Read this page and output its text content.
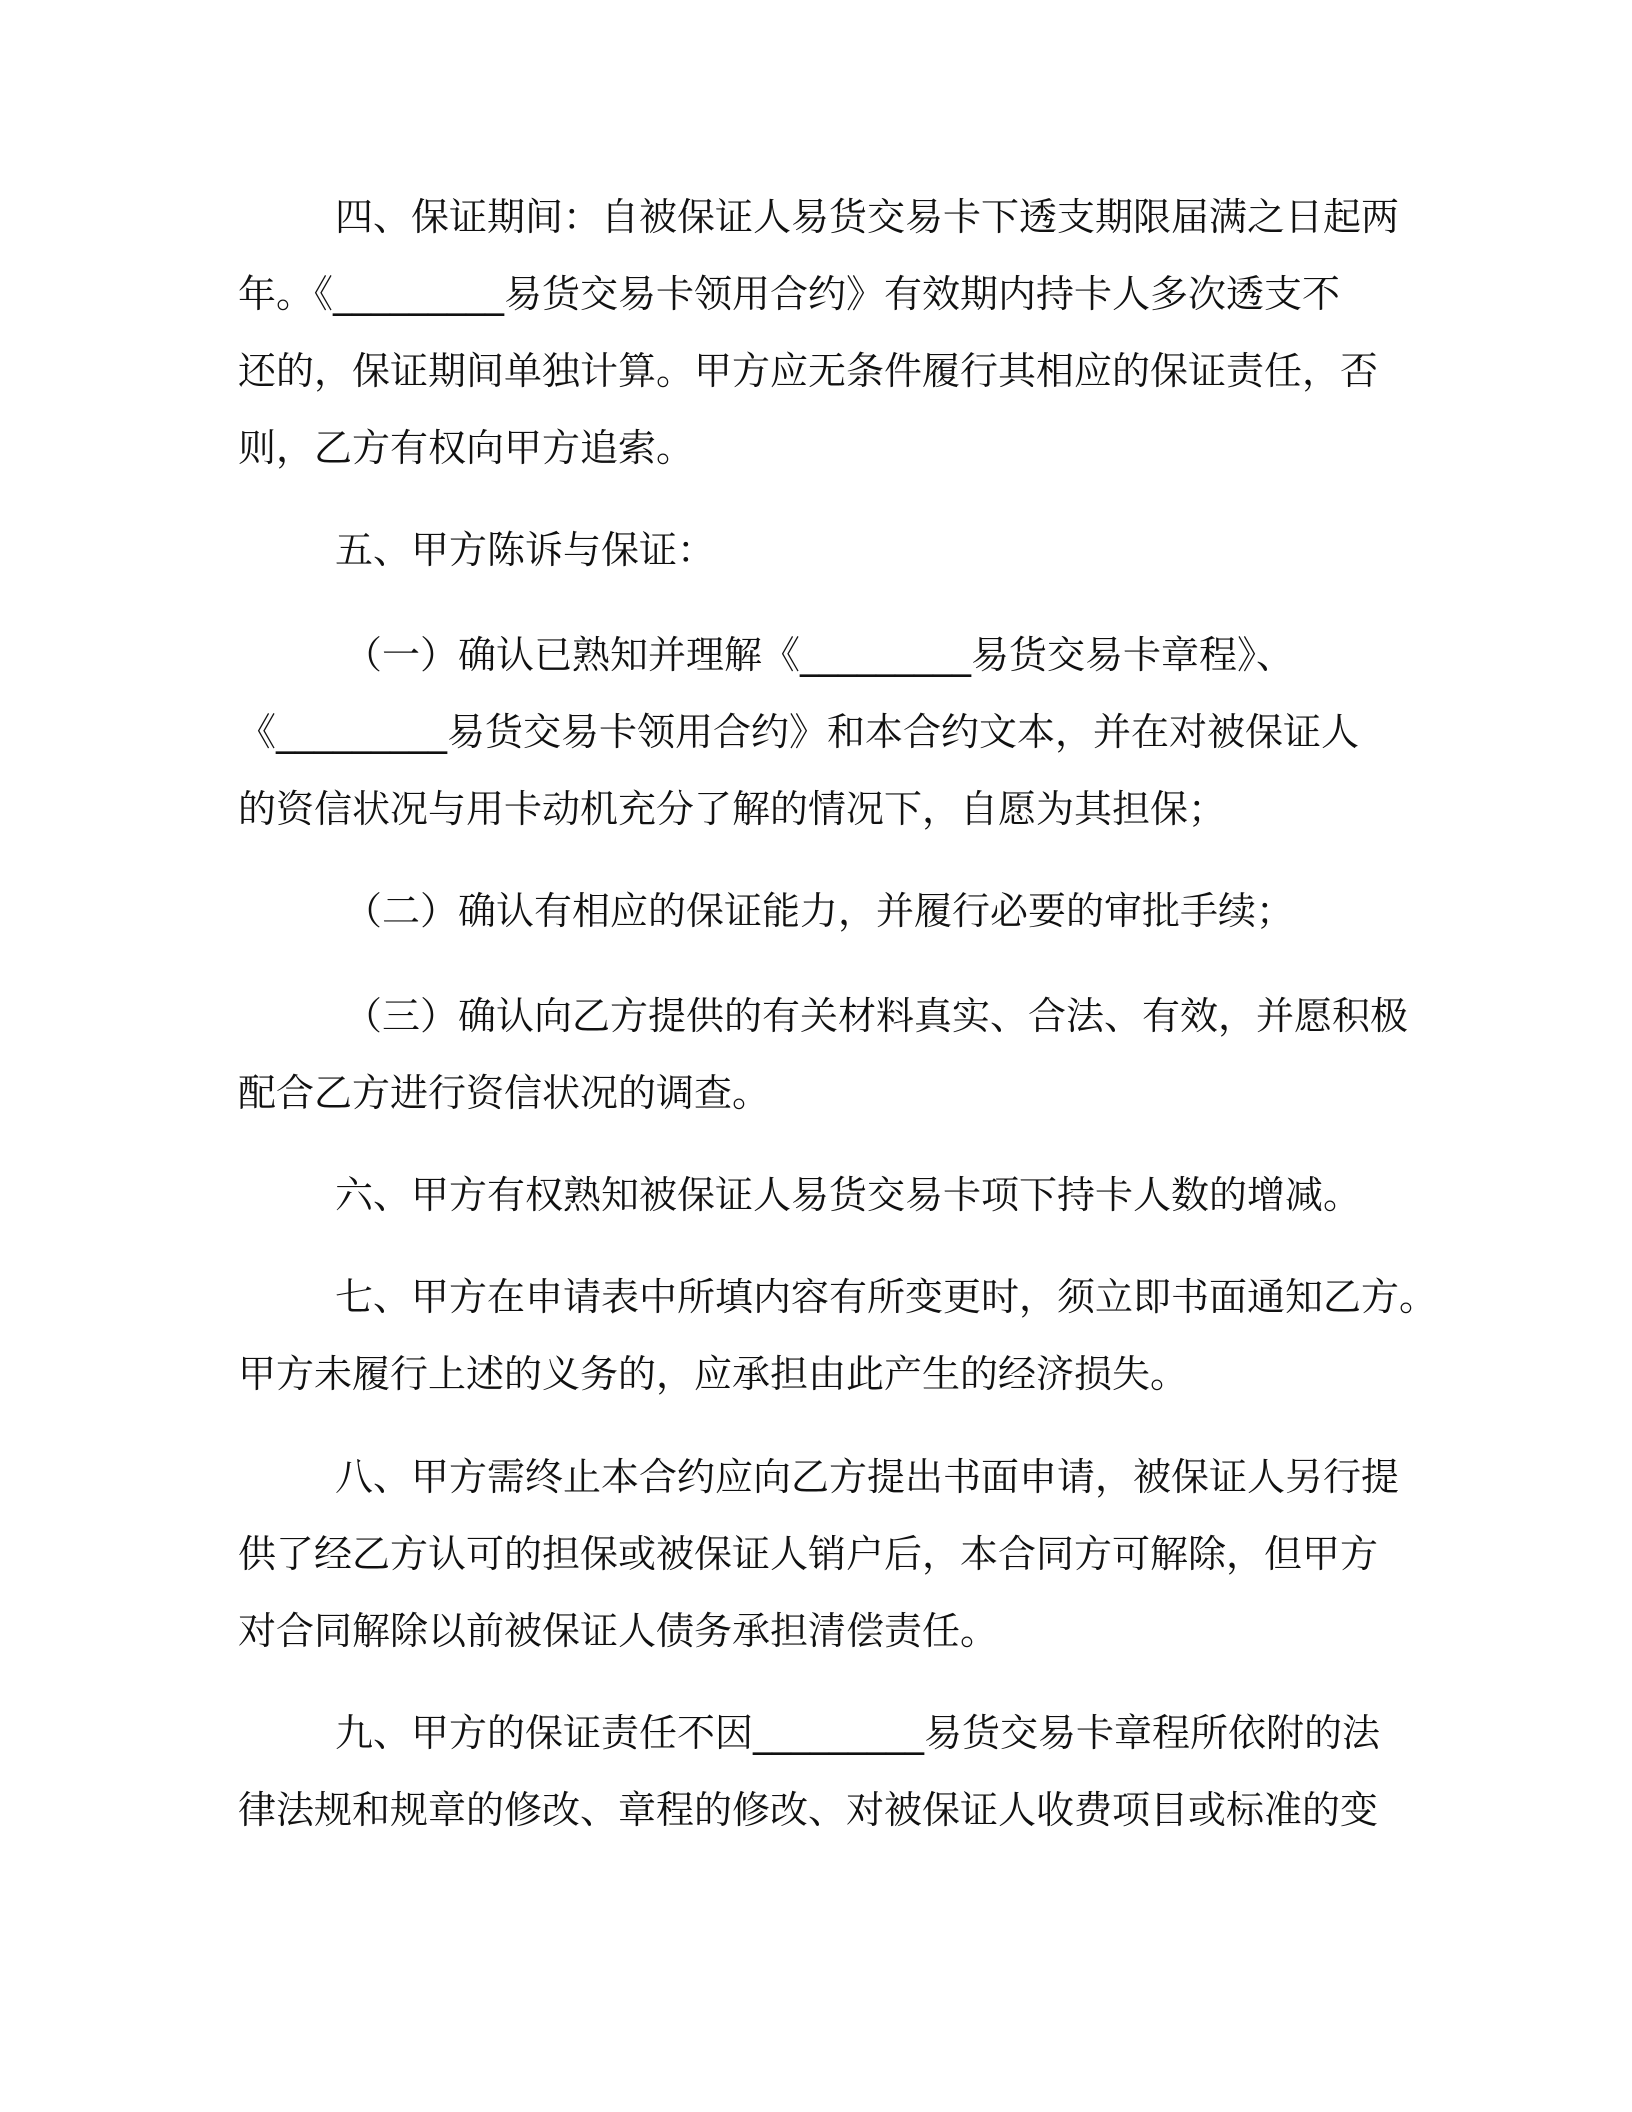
四、保证期间：自被保证人易货交易卡下透支期限届满之日起两
年。《_________易货交易卡领用合约》有效期内持卡人多次透支不
还的，保证期间单独计算。甲方应无条件履行其相应的保证责任，否
则，乙方有权向甲方追索。
五、甲方陈诉与保证：
（一）确认已熟知并理解《_________易货交易卡章程》、
《_________易货交易卡领用合约》和本合约文本，并在对被保证人
的资信状况与用卡动机充分了解的情况下，自愿为其担保；
（二）确认有相应的保证能力，并履行必要的审批手续；
（三）确认向乙方提供的有关材料真实、合法、有效，并愿积极
配合乙方进行资信状况的调查。
六、甲方有权熟知被保证人易货交易卡项下持卡人数的增减。
七、甲方在申请表中所填内容有所变更时，须立即书面通知乙方。
甲方未履行上述的义务的，应承担由此产生的经济损失。
八、甲方需终止本合约应向乙方提出书面申请，被保证人另行提
供了经乙方认可的担保或被保证人销户后，本合同方可解除，但甲方
对合同解除以前被保证人债务承担清偿责任。
九、甲方的保证责任不因_________易货交易卡章程所依附的法
律法规和规章的修改、章程的修改、对被保证人收费项目或标准的变
